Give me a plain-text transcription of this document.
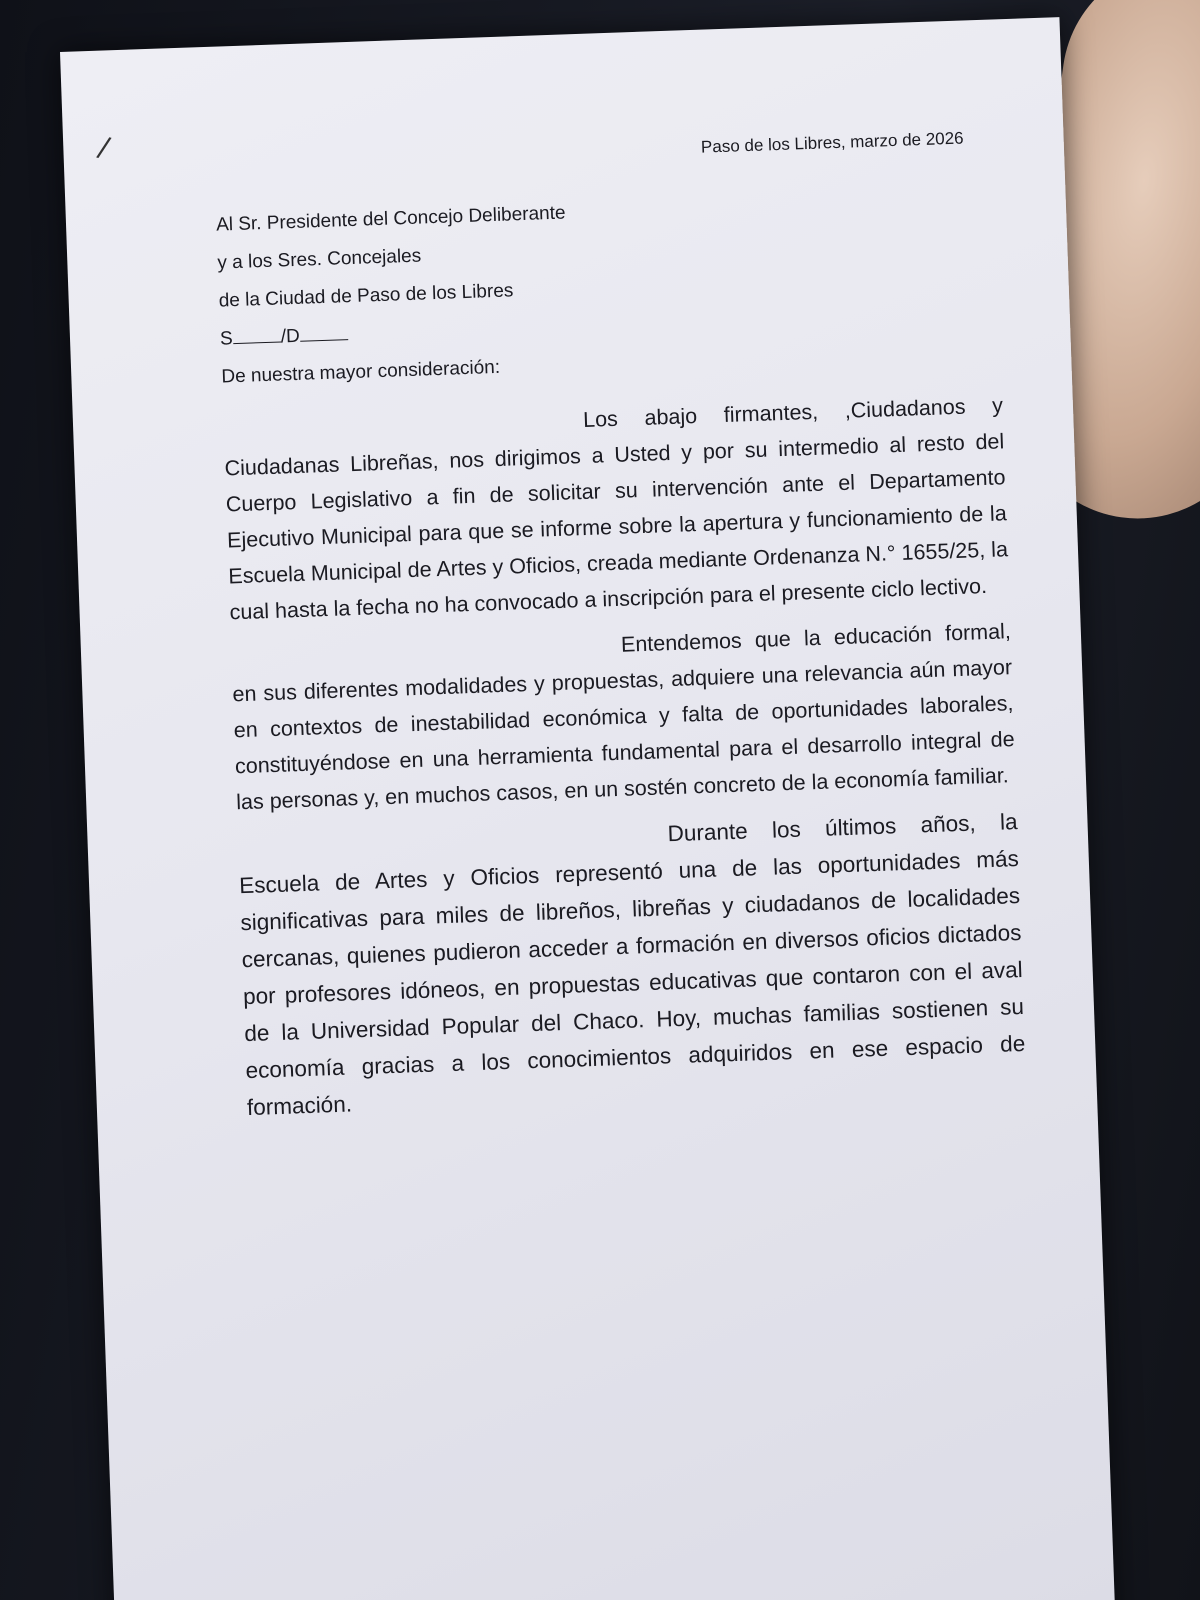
/	Paso de los Libres, marzo de 2026

Al Sr. Presidente del Concejo Deliberante

y a los Sres. Concejales

de la Ciudad de Paso de los Libres

S /D

De nuestra mayor consideración:

Los abajo firmantes, ,Ciudadanos y Ciudadanas Libreñas, nos dirigimos a Usted y por su intermedio al resto del Cuerpo Legislativo a fin de solicitar su intervención ante el Departamento Ejecutivo Municipal para que se informe sobre la apertura y funcionamiento de la Escuela Municipal de Artes y Oficios, creada mediante Ordenanza N.° 1655/25, la cual hasta la fecha no ha convocado a inscripción para el presente ciclo lectivo.

Entendemos que la educación formal, en sus diferentes modalidades y propuestas, adquiere una relevancia aún mayor en contextos de inestabilidad económica y falta de oportunidades laborales, constituyéndose en una herramienta fundamental para el desarrollo integral de las personas y, en muchos casos, en un sostén concreto de la economía familiar.

Durante los últimos años, la Escuela de Artes y Oficios representó una de las oportunidades más significativas para miles de libreños, libreñas y ciudadanos de localidades cercanas, quienes pudieron acceder a formación en diversos oficios dictados por profesores idóneos, en propuestas educativas que contaron con el aval de la Universidad Popular del Chaco. Hoy, muchas familias sostienen su economía gracias a los conocimientos adquiridos en ese espacio de formación.
